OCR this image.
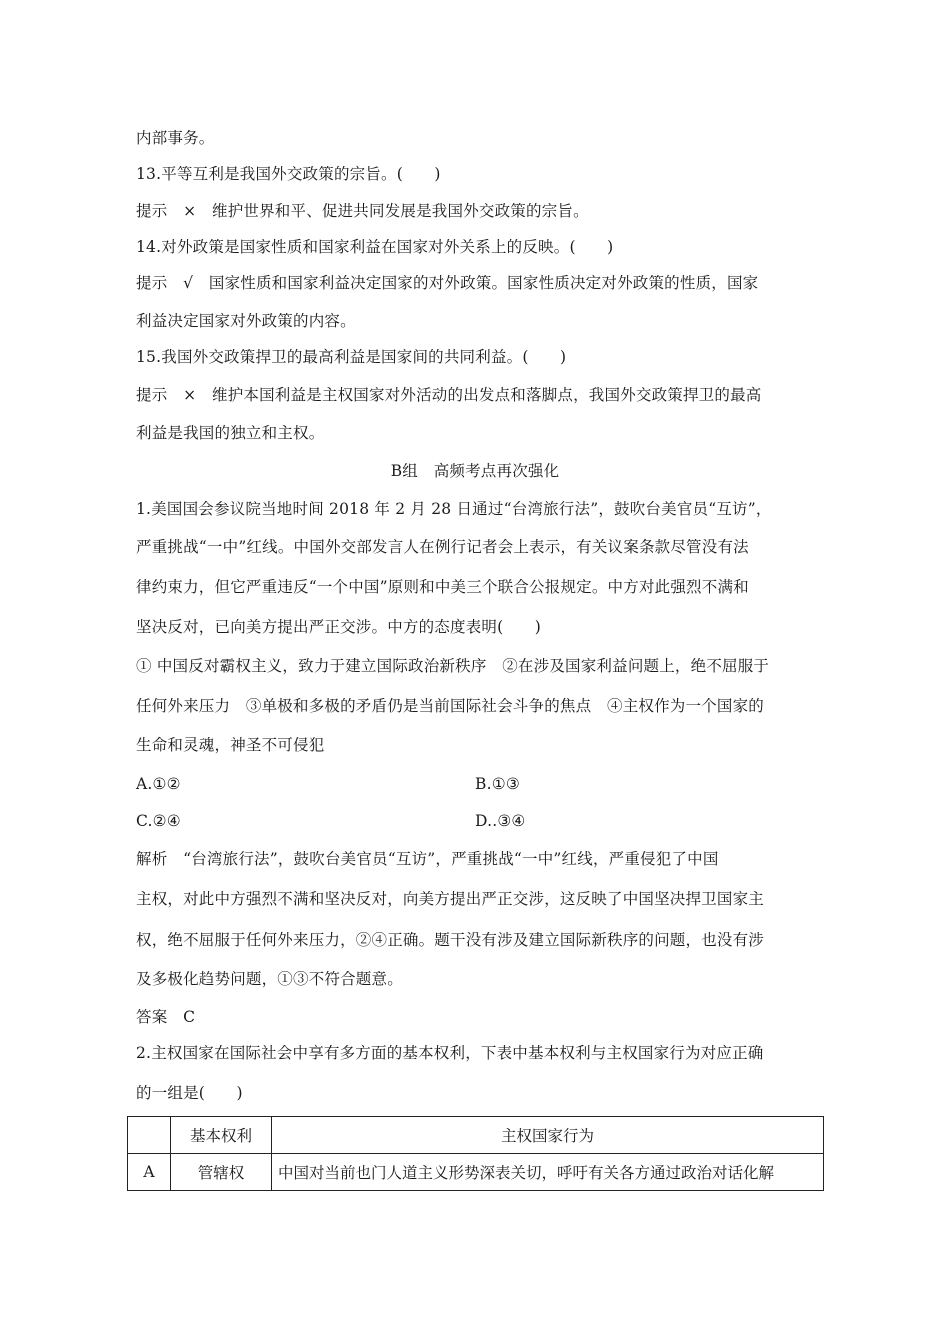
内部事务。
13.平等互利是我国外交政策的宗旨。(　　)
提示　×　维护世界和平、促进共同发展是我国外交政策的宗旨。
14.对外政策是国家性质和国家利益在国家对外关系上的反映。(　　)
提示　√　国家性质和国家利益决定国家的对外政策。国家性质决定对外政策的性质，国家
利益决定国家对外政策的内容。
15.我国外交政策捍卫的最高利益是国家间的共同利益。(　　)
提示　×　维护本国利益是主权国家对外活动的出发点和落脚点，我国外交政策捍卫的最高
利益是我国的独立和主权。
B组　高频考点再次强化
1.美国国会参议院当地时间 2018 年 2 月 28 日通过“台湾旅行法”，鼓吹台美官员“互访”，
严重挑战“一中”红线。中国外交部发言人在例行记者会上表示，有关议案条款尽管没有法
律约束力，但它严重违反“一个中国”原则和中美三个联合公报规定。中方对此强烈不满和
坚决反对，已向美方提出严正交涉。中方的态度表明(　　)
① 中国反对霸权主义，致力于建立国际政治新秩序　②在涉及国家利益问题上，绝不屈服于
任何外来压力　③单极和多极的矛盾仍是当前国际社会斗争的焦点　④主权作为一个国家的
生命和灵魂，神圣不可侵犯
A.①②	B.①③
C.②④	D..③④
解析　“台湾旅行法”，鼓吹台美官员“互访”，严重挑战“一中”红线，严重侵犯了中国
主权，对此中方强烈不满和坚决反对，向美方提出严正交涉，这反映了中国坚决捍卫国家主
权，绝不屈服于任何外来压力，②④正确。题干没有涉及建立国际新秩序的问题，也没有涉
及多极化趋势问题，①③不符合题意。
答案　C
2.主权国家在国际社会中享有多方面的基本权利，下表中基本权利与主权国家行为对应正确
的一组是(　　)
	基本权利	主权国家行为
A	管辖权	中国对当前也门人道主义形势深表关切，呼吁有关各方通过政治对话化解
